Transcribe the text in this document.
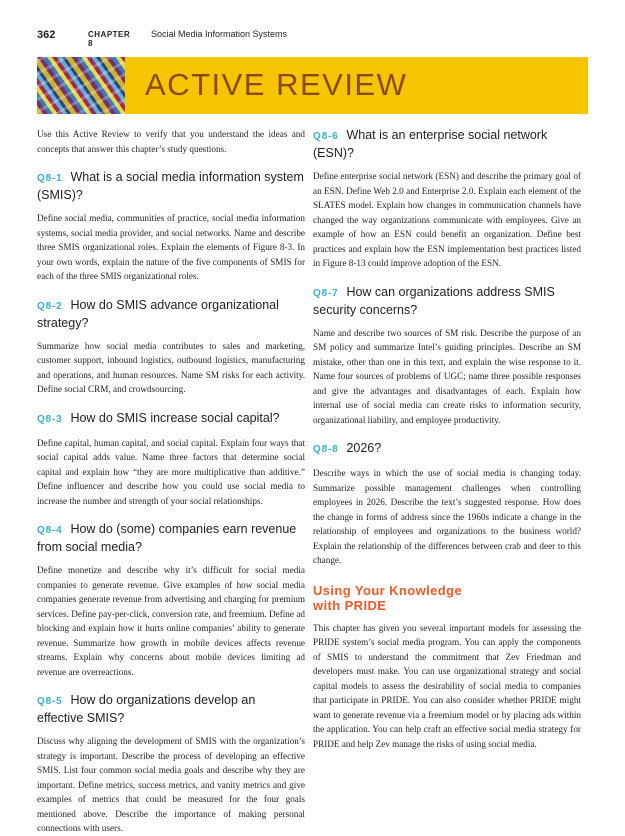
362	CHAPTER 8
Social Media Information Systems
ACTIVE REVIEW

Use this Active Review to verify that you understand the ideas and concepts that answer this chapter’s study questions.

Q8-1 What is a social media information system (SMIS)?

Define social media, communities of practice, social media information systems, social media provider, and social networks. Name and describe three SMIS organizational roles. Explain the elements of Figure 8-3. In your own words, explain the nature of the five components of SMIS for each of the three SMIS organizational roles.

Q8-2 How do SMIS advance organizational strategy?

Summarize how social media contributes to sales and marketing, customer support, inbound logistics, outbound logistics, manufacturing and operations, and human resources. Name SM risks for each activity. Define social CRM, and crowdsourcing.

Q8-3 How do SMIS increase social capital?

Define capital, human capital, and social capital. Explain four ways that social capital adds value. Name three factors that determine social capital and explain how “they are more multiplicative than additive.” Define influencer and describe how you could use social media to increase the number and strength of your social relationships.

Q8-4 How do (some) companies earn revenue from social media?

Define monetize and describe why it’s difficult for social media companies to generate revenue. Give examples of how social media companies generate revenue from advertising and charging for premium services. Define pay-per-click, conversion rate, and freemium. Define ad blocking and explain how it hurts online companies’ ability to generate revenue. Summarize how growth in mobile devices affects revenue streams. Explain why concerns about mobile devices limiting ad revenue are overreactions.

Q8-5 How do organizations develop an effective SMIS?

Discuss why aligning the development of SMIS with the organization’s strategy is important. Describe the process of developing an effective SMIS. List four common social media goals and describe why they are important. Define metrics, success metrics, and vanity metrics and give examples of metrics that could be measured for the four goals mentioned above. Describe the importance of making personal connections with users.

Q8-6 What is an enterprise social network (ESN)?

Define enterprise social network (ESN) and describe the primary goal of an ESN. Define Web 2.0 and Enterprise 2.0. Explain each element of the SLATES model. Explain how changes in communication channels have changed the way organizations communicate with employees. Give an example of how an ESN could benefit an organization. Define best practices and explain how the ESN implementation best practices listed in Figure 8-13 could improve adoption of the ESN.

Q8-7 How can organizations address SMIS security concerns?

Name and describe two sources of SM risk. Describe the purpose of an SM policy and summarize Intel’s guiding principles. Describe an SM mistake, other than one in this text, and explain the wise response to it. Name four sources of problems of UGC; name three possible responses and give the advantages and disadvantages of each. Explain how internal use of social media can create risks to information security, organizational liability, and employee productivity.

Q8-8 2026?

Describe ways in which the use of social media is changing today. Summarize possible management challenges when controlling employees in 2026. Describe the text’s suggested response. How does the change in forms of address since the 1960s indicate a change in the relationship of employees and organizations to the business world? Explain the relationship of the differences between crab and deer to this change.

Using Your Knowledge
with PRIDE

This chapter has given you several important models for assessing the PRIDE system’s social media program. You can apply the components of SMIS to understand the commitment that Zev Friedman and developers must make. You can use organizational strategy and social capital models to assess the desirability of social media to companies that participate in PRIDE. You can also consider whether PRIDE might want to generate revenue via a freemium model or by placing ads within the application. You can help craft an effective social media strategy for PRIDE and help Zev manage the risks of using social media.
